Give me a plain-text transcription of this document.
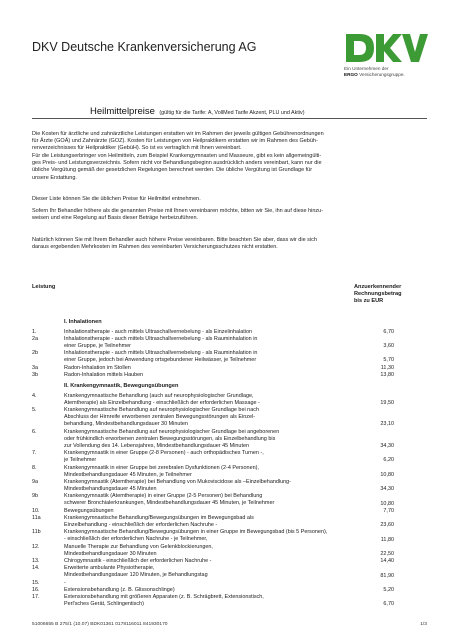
DKV Deutsche Krankenversicherung AG
Ein Unternehmen der
ERGO Versicherungsgruppe.
Heilmittelpreise (gültig für die Tarife: A, VollMed Tarife Akzent, PLU und Aktiv)

Die Kosten für ärztliche und zahnärztliche Leistungen erstatten wir im Rahmen der jeweils gültigen Gebührenordnungen

für Ärzte (GOÄ) und Zahnärzte (GOZ). Kosten für Leistungen von Heilpraktikern erstatten wir im Rahmen des Gebüh-

renverzeichnisses für Heilpraktiker (GebüH). So ist es vertraglich mit Ihnen vereinbart.

Für die Leistungserbringer von Heilmitteln, zum Beispiel Krankengymnasten und Masseure, gibt es kein allgemeingülti-

ges Preis- und Leistungsverzeichnis. Sofern nicht vor Behandlungsbeginn ausdrücklich anders vereinbart, kann nur die

übliche Vergütung gemäß der gesetzlichen Regelungen berechnet werden. Die übliche Vergütung ist Grundlage für

unsere Erstattung.

Dieser Liste können Sie die üblichen Preise für Heilmittel entnehmen.

Sofern Ihr Behandler höhere als die genannten Preise mit Ihnen vereinbaren möchte, bitten wir Sie, ihn auf diese hinzu-

weisen und eine Regelung auf Basis dieser Beträge herbeizuführen.

Natürlich können Sie mit Ihrem Behandler auch höhere Preise vereinbaren. Bitte beachten Sie aber, dass wir die sich

daraus ergebenden Mehrkosten im Rahmen des vereinbarten Versicherungsschutzes nicht erstatten.

Leistung	Anzuerkennender
Rechnungsbetrag
bis zu EUR
I. Inhalationen
1.	Inhalationstherapie - auch mittels Ultraschallvernebelung - als Einzelinhalation	6,70
2a	Inhalationstherapie - auch mittels Ultraschallvernebelung - als Rauminhalation in
einer Gruppe, je Teilnehmer	3,60
2b	Inhalationstherapie - auch mittels Ultraschallvernebelung - als Rauminhalation in
einer Gruppe, jedoch bei Anwendung ortsgebundener Heilwässer, je Teilnehmer	5,70
3a	Radon-Inhalation im Stollen	11,30
3b	Radon-Inhalation mittels Hauben	13,80
II. Krankengymnastik, Bewegungsübungen
4.	Krankengymnastische Behandlung (auch auf neurophysiologischer Grundlage,
Atemtherapie) als Einzelbehandlung - einschließlich der erforderlichen Massage -	19,50
5.	Krankengymnastische Behandlung auf neurophysiologischer Grundlage bei nach
Abschluss der Hirnreife erworbenen zentralen Bewegungsstörungen als Einzel-
behandlung, Mindestbehandlungsdauer 30 Minuten	23,10
6.	Krankengymnastische Behandlung auf neurophysiologischer Grundlage bei angeborenen
oder frühkindlich erworbenen zentralen Bewegungsstörungen, als Einzelbehandlung bis
zur Vollendung des 14. Lebensjahres, Mindestbehandlungsdauer 45 Minuten	34,30
7.	Krankengymnastik in einer Gruppe (2-8 Personen) - auch orthopädisches Turnen -,
je Teilnehmer	6,20
8.	Krankengymnastik in einer Gruppe bei zerebralen Dysfunktionen (2-4 Personen),
Mindestbehandlungsdauer 45 Minuten, je Teilnehmer	10,80
9a	Krankengymnastik (Atemtherapie) bei Behandlung von Mukoviscidose als –Einzelbehandlung-
Mindestbehandlungsdauer 45 Minuten	34,30
9b	Krankengymnastik (Atemtherapie) in einer Gruppe (2-5 Personen) bei Behandlung
schwerer Bronchialerkrankungen, Mindestbehandlungsdauer 45 Minuten, je Teilnehmer	10,80
10.	Bewegungsübungen	7,70
11a	Krankengymnastische Behandlung/Bewegungsübungen im Bewegungsbad als
Einzelbehandlung - einschließlich der erforderlichen Nachruhe -	23,60
11b	Krankengymnastische Behandlung/Bewegungsübungen in einer Gruppe im Bewegungsbad (bis 5 Personen),
- einschließlich der erforderlichen Nachruhe - je Teilnehmer,	11,80
12.	Manuelle Therapie zur Behandlung von Gelenkblockierungen,
Mindestbehandlungsdauer 30 Minuten	22,50
13.	Chirogymnastik - einschließlich der erforderlichen Nachruhe -	14,40
14.	Erweiterte ambulante Physiotherapie,
Mindestbehandlungsdauer 120 Minuten, je Behandlungstag	81,90
15.	-
16.	Extensionsbehandlung (z. B. Glissonschlinge)	5,20
17.	Extensionsbehandlung mit größeren Apparaten (z. B. Schrägbrett, Extensionstisch,
Perl'sches Gerät, Schlingentisch)	6,70
51006655 B 275/1 (10.07) BDK01361 0178116011 841930170	1/3
